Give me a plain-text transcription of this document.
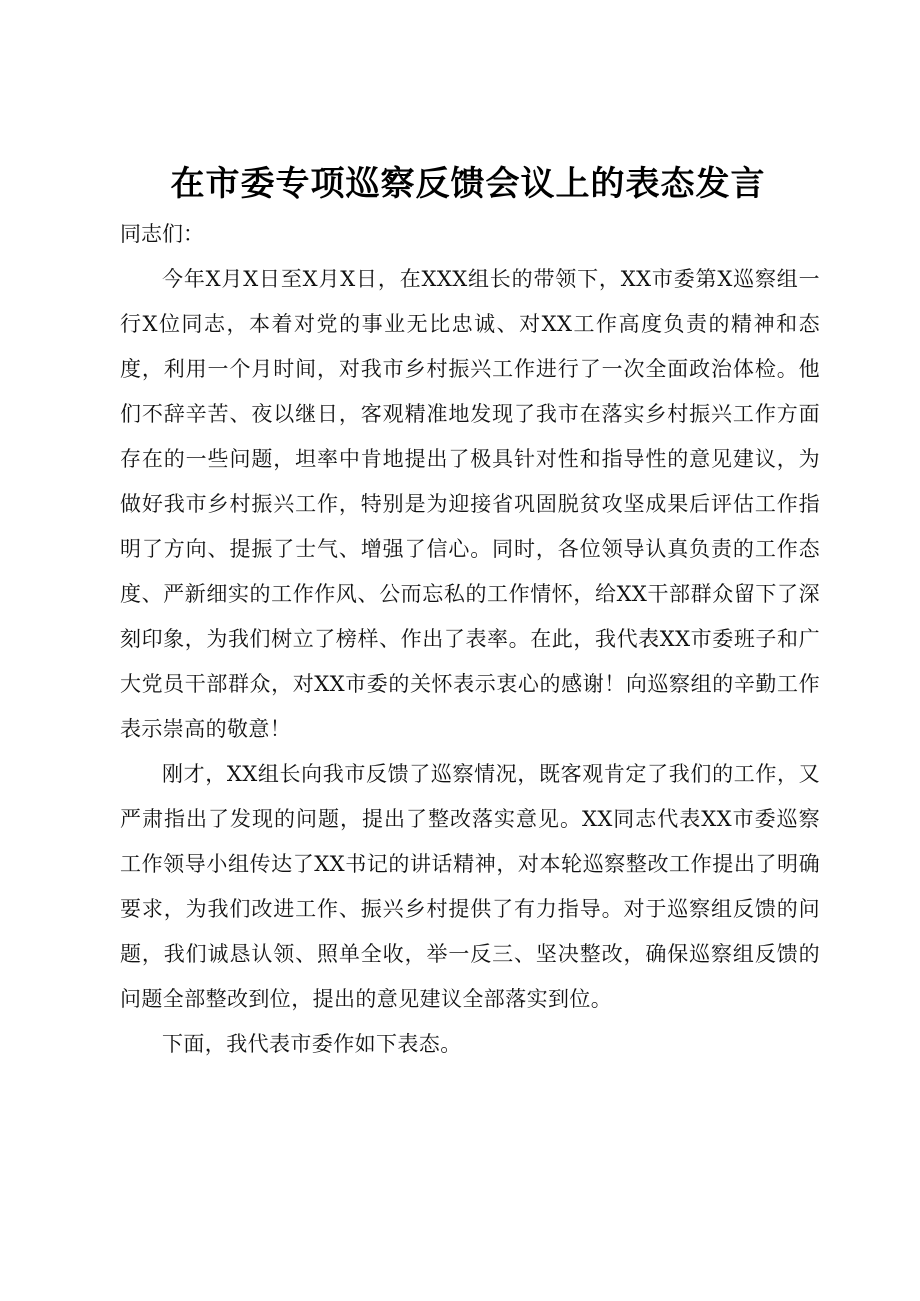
在市委专项巡察反馈会议上的表态发言

同志们：

今年X月X日至X月X日，在XXX组长的带领下，XX市委第X巡察组一行X位同志，本着对党的事业无比忠诚、对XX工作高度负责的精神和态度，利用一个月时间，对我市乡村振兴工作进行了一次全面政治体检。他们不辞辛苦、夜以继日，客观精准地发现了我市在落实乡村振兴工作方面存在的一些问题，坦率中肯地提出了极具针对性和指导性的意见建议，为做好我市乡村振兴工作，特别是为迎接省巩固脱贫攻坚成果后评估工作指明了方向、提振了士气、增强了信心。同时，各位领导认真负责的工作态度、严新细实的工作作风、公而忘私的工作情怀，给XX干部群众留下了深刻印象，为我们树立了榜样、作出了表率。在此，我代表XX市委班子和广大党员干部群众，对XX市委的关怀表示衷心的感谢！向巡察组的辛勤工作表示崇高的敬意！

刚才，XX组长向我市反馈了巡察情况，既客观肯定了我们的工作，又严肃指出了发现的问题，提出了整改落实意见。XX同志代表XX市委巡察工作领导小组传达了XX书记的讲话精神，对本轮巡察整改工作提出了明确要求，为我们改进工作、振兴乡村提供了有力指导。对于巡察组反馈的问题，我们诚恳认领、照单全收，举一反三、坚决整改，确保巡察组反馈的问题全部整改到位，提出的意见建议全部落实到位。

下面，我代表市委作如下表态。
